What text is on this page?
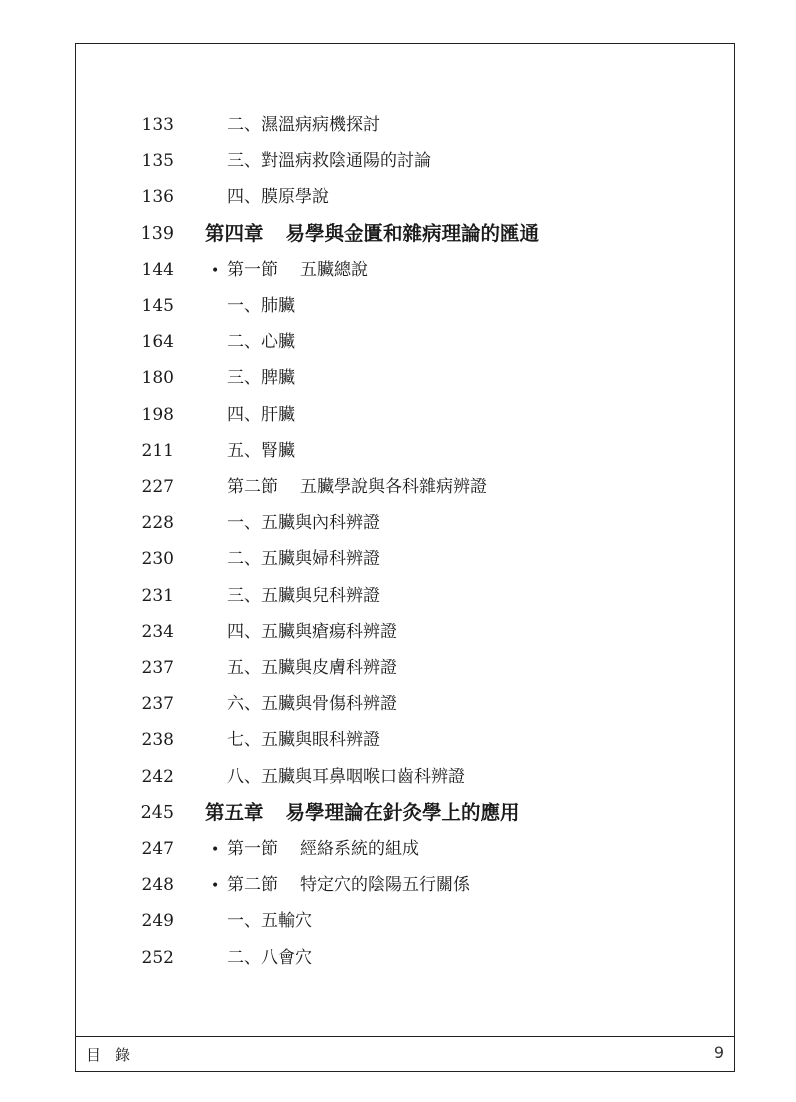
133	二、濕溫病病機探討
135	三、對溫病救陰通陽的討論
136	四、膜原學說
139 第四章 易學與金匱和雜病理論的匯通
144	• 第一節 五臟總說
145	一、肺臟
164	二、心臟
180	三、脾臟
198	四、肝臟
211	五、腎臟
227	第二節 五臟學說與各科雜病辨證
228	一、五臟與內科辨證
230	二、五臟與婦科辨證
231	三、五臟與兒科辨證
234	四、五臟與瘡瘍科辨證
237	五、五臟與皮膚科辨證
237	六、五臟與骨傷科辨證
238	七、五臟與眼科辨證
242	八、五臟與耳鼻咽喉口齒科辨證
245 第五章 易學理論在針灸學上的應用
247	• 第一節 經絡系統的組成
248	• 第二節 特定穴的陰陽五行關係
249	一、五輸穴
252	二、八會穴
目錄	9
